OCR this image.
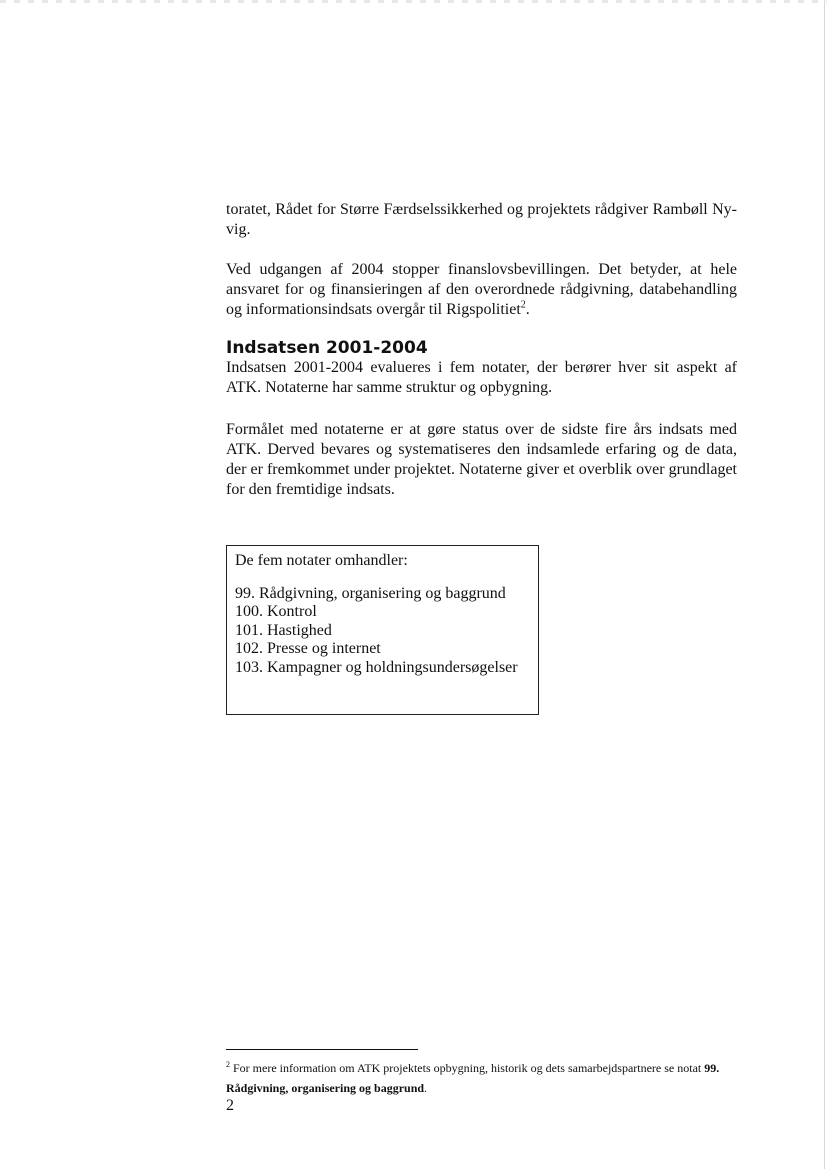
toratet, Rådet for Større Færdselssikkerhed og projektets rådgiver Rambøll Ny-vig.

Ved udgangen af 2004 stopper finanslovsbevillingen. Det betyder, at hele ansvaret for og finansieringen af den overordnede rådgivning, databehandling og informationsindsats overgår til Rigspolitiet$^2$.

Indsatsen 2001-2004

Indsatsen 2001-2004 evalueres i fem notater, der berører hver sit aspekt af ATK. Notaterne har samme struktur og opbygning.

Formålet med notaterne er at gøre status over de sidste fire års indsats med ATK. Derved bevares og systematiseres den indsamlede erfaring og de data, der er fremkommet under projektet. Notaterne giver et overblik over grundlaget for den fremtidige indsats.

De fem notater omhandler:

99. Rådgivning, organisering og baggrund
100. Kontrol
101. Hastighed
102. Presse og internet
103. Kampagner og holdningsundersøgelser

$^2$ For mere information om ATK projektets opbygning, historik og dets samarbejdspartnere se notat 99. Rådgivning, organisering og baggrund.

2
